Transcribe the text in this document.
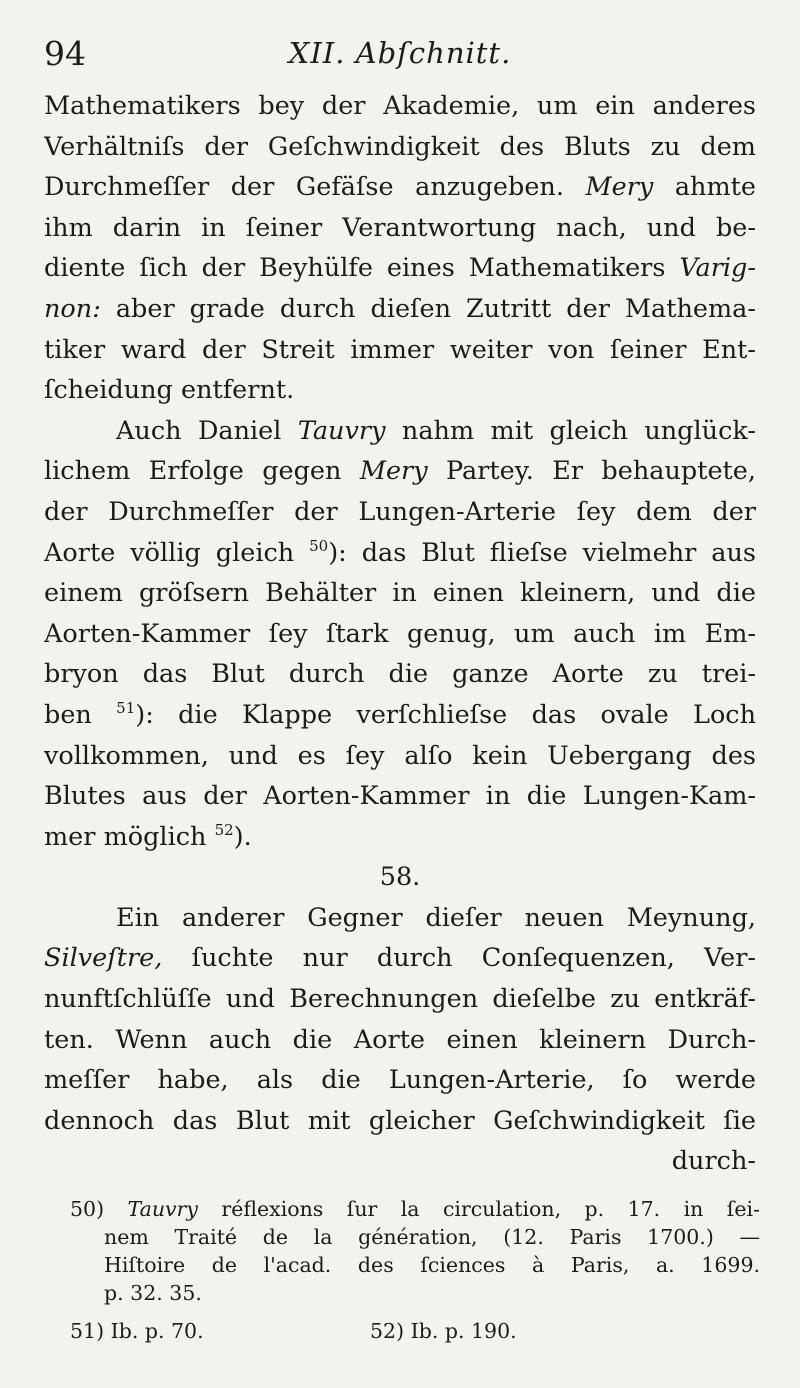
94	XII. Abſchnitt.
Mathematikers bey der Akademie, um ein anderes
Verhältniſs der Geſchwindigkeit des Bluts zu dem
Durchmeſſer der Gefäſse anzugeben. Mery ahmte
ihm darin in ſeiner Verantwortung nach, und be-
diente ſich der Beyhülfe eines Mathematikers Varig-
non: aber grade durch dieſen Zutritt der Mathema-
tiker ward der Streit immer weiter von ſeiner Ent-
ſcheidung entfernt.
Auch Daniel Tauvry nahm mit gleich unglück-
lichem Erfolge gegen Mery Partey. Er behauptete,
der Durchmeſſer der Lungen-Arterie ſey dem der
Aorte völlig gleich $^{50}$): das Blut flieſse vielmehr aus
einem gröſsern Behälter in einen kleinern, und die
Aorten-Kammer ſey ſtark genug, um auch im Em-
bryon das Blut durch die ganze Aorte zu trei-
ben $^{51}$): die Klappe verſchlieſse das ovale Loch
vollkommen, und es ſey alſo kein Uebergang des
Blutes aus der Aorten-Kammer in die Lungen-Kam-
mer möglich $^{52}$).
58.
Ein anderer Gegner dieſer neuen Meynung,
Silveſtre, ſuchte nur durch Conſequenzen, Ver-
nunftſchlüſſe und Berechnungen dieſelbe zu entkräf-
ten. Wenn auch die Aorte einen kleinern Durch-
meſſer habe, als die Lungen-Arterie, ſo werde
dennoch das Blut mit gleicher Geſchwindigkeit ſie
durch-
50) Tauvry réflexions ſur la circulation, p. 17. in ſei-
nem Traité de la génération, (12. Paris 1700.) —
Hiſtoire de l'acad. des ſciences à Paris, a. 1699.
p. 32. 35.
51) Ib. p. 70.	52) Ib. p. 190.
